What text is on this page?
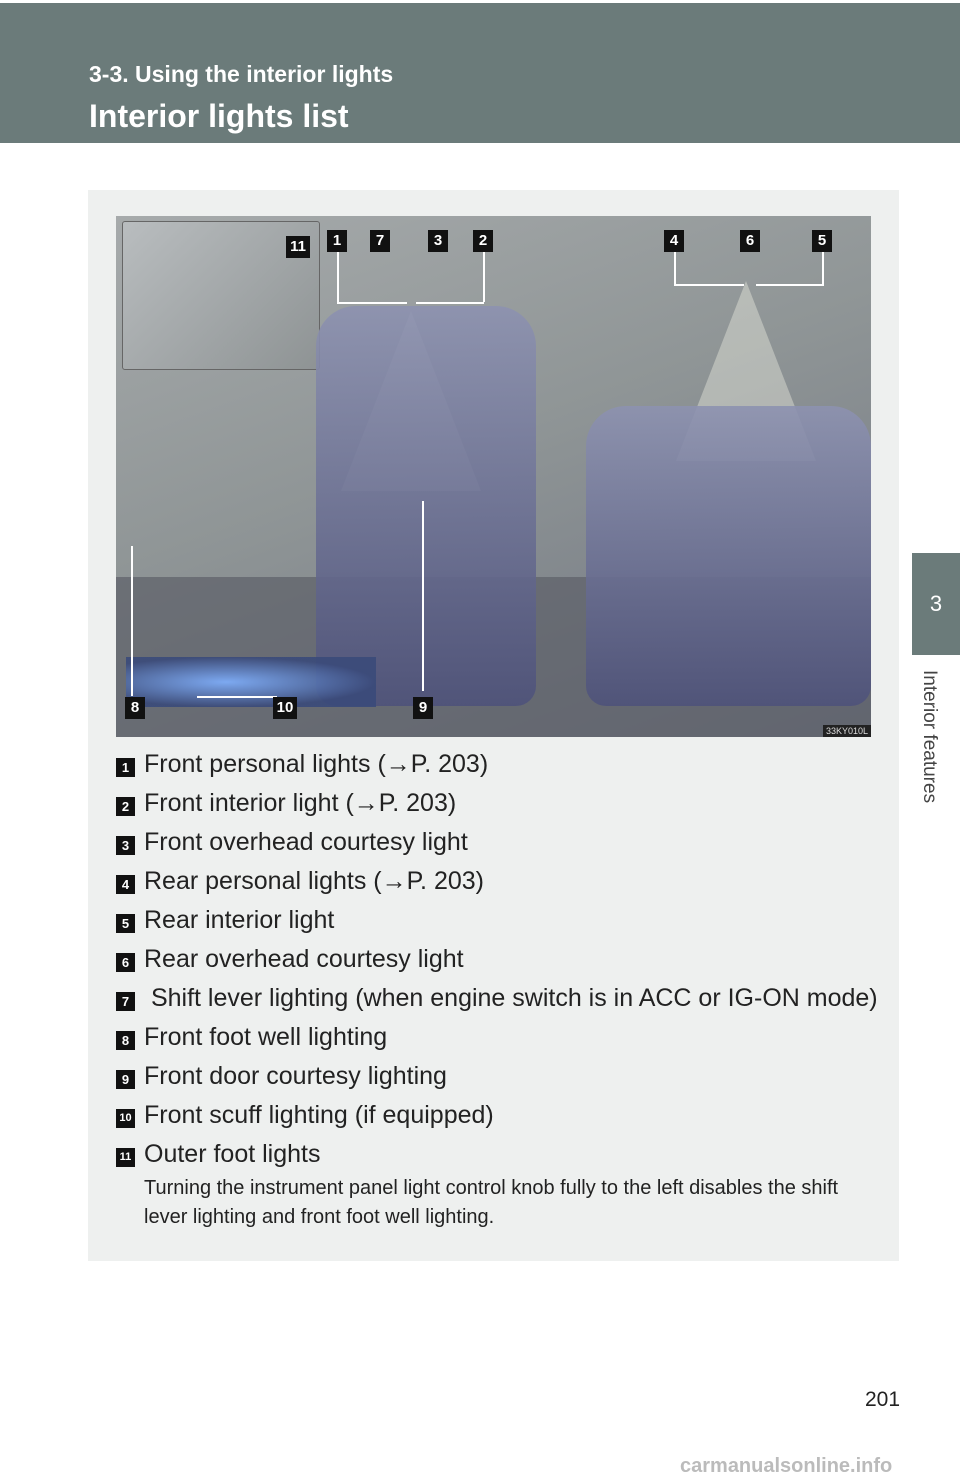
3-3. Using the interior lights
Interior lights list
1	7	3	2	4	6	5
11
8	10	9
33KY010L
1 Front personal lights (→P. 203)
2 Front interior light (→P. 203)
3 Front overhead courtesy light
4 Rear personal lights (→P. 203)
5 Rear interior light
6 Rear overhead courtesy light
7 Shift lever lighting (when engine switch is in ACC or IG-ON mode)
8 Front foot well lighting
9 Front door courtesy lighting
10 Front scuff lighting (if equipped)
11 Outer foot lights
Turning the instrument panel light control knob fully to the left disables the shift lever lighting and front foot well lighting.
3
Interior features
201
carmanualsonline.info
